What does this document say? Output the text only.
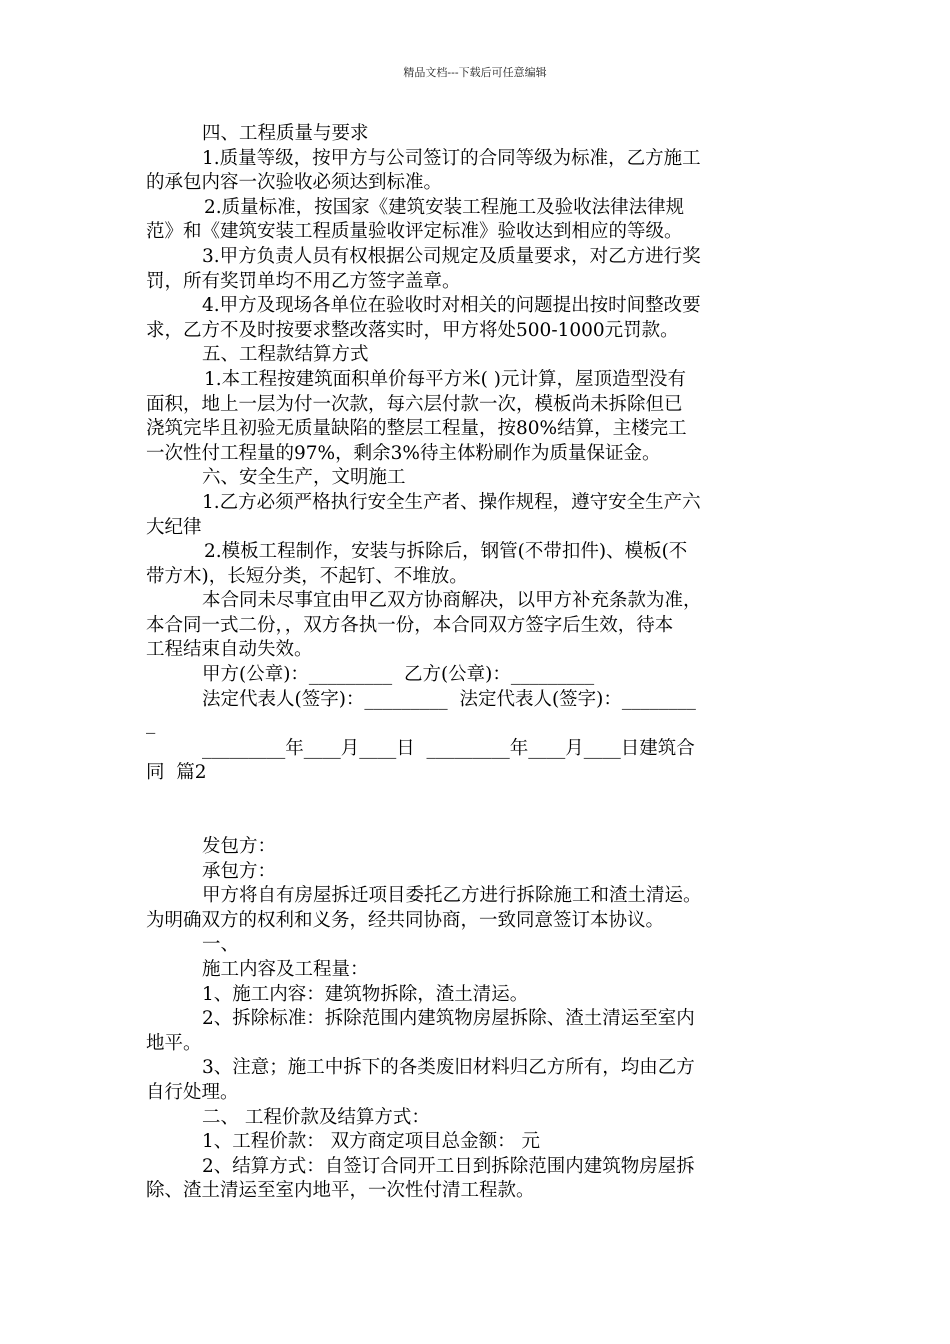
精品文档---下载后可任意编辑
四、工程质量与要求
1.质量等级，按甲方与公司签订的合同等级为标准，乙方施工
的承包内容一次验收必须达到标准。
2.质量标准，按国家《建筑安装工程施工及验收法律法律规
范》和《建筑安装工程质量验收评定标准》验收达到相应的等级。
3.甲方负责人员有权根据公司规定及质量要求，对乙方进行奖
罚，所有奖罚单均不用乙方签字盖章。
4.甲方及现场各单位在验收时对相关的问题提出按时间整改要
求，乙方不及时按要求整改落实时，甲方将处500-1000元罚款。
五、工程款结算方式
1.本工程按建筑面积单价每平方米( )元计算，屋顶造型没有
面积，地上一层为付一次款，每六层付款一次，模板尚未拆除但已
浇筑完毕且初验无质量缺陷的整层工程量，按80%结算，主楼完工
一次性付工程量的97%，剩余3%待主体粉刷作为质量保证金。
六、安全生产，文明施工
1.乙方必须严格执行安全生产者、操作规程，遵守安全生产六
大纪律
2.模板工程制作，安装与拆除后，钢管(不带扣件)、模板(不
带方木)，长短分类，不起钉、不堆放。
本合同未尽事宜由甲乙双方协商解决，以甲方补充条款为准，
本合同一式二份，，双方各执一份，本合同双方签字后生效，待本
工程结束自动失效。
甲方(公章)：_________  乙方(公章)：_________
法定代表人(签字)：_________  法定代表人(签字)：________
_
_________年____月____日  _________年____月____日建筑合
同  篇2
发包方：
承包方：
甲方将自有房屋拆迁项目委托乙方进行拆除施工和渣土清运。
为明确双方的权利和义务，经共同协商，一致同意签订本协议。
一、
施工内容及工程量：
1、施工内容：建筑物拆除，渣土清运。
2、拆除标准：拆除范围内建筑物房屋拆除、渣土清运至室内
地平。
3、注意；施工中拆下的各类废旧材料归乙方所有，均由乙方
自行处理。
二、 工程价款及结算方式：
1、工程价款： 双方商定项目总金额： 元
2、结算方式：自签订合同开工日到拆除范围内建筑物房屋拆
除、渣土清运至室内地平，一次性付清工程款。
